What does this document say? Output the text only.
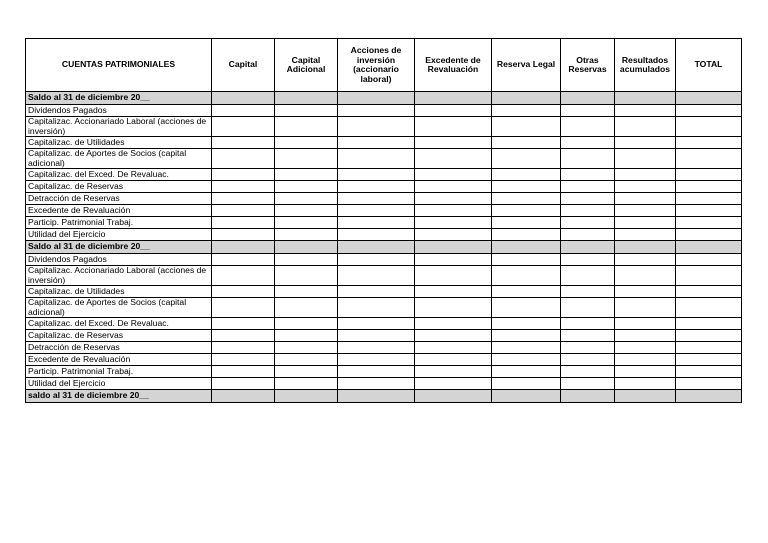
CUENTAS PATRIMONIALES	Capital	Capital Adicional	Acciones de inversión (accionario laboral)	Excedente de Revaluación	Reserva Legal	Otras Reservas	Resultados acumulados	TOTAL
Saldo al 31 de diciembre 20__								
Dividendos Pagados								
Capitalizac. Accionariado Laboral (acciones de inversión)								
Capitalizac. de Utilidades								
Capitalizac. de Aportes de Socios (capital adicional)								
Capitalizac. del Exced. De Revaluac.								
Capitalizac. de Reservas								
Detracción de Reservas								
Excedente de Revaluación								
Particip. Patrimonial Trabaj.								
Utilidad del Ejercicio								
Saldo al 31 de diciembre 20__								
Dividendos Pagados								
Capitalizac. Accionariado Laboral (acciones de inversión)								
Capitalizac. de Utilidades								
Capitalizac. de Aportes de Socios (capital adicional)								
Capitalizac. del Exced. De Revaluac.								
Capitalizac. de Reservas								
Detracción de Reservas								
Excedente de Revaluación								
Particip. Patrimonial Trabaj.								
Utilidad del Ejercicio								
saldo al 31 de diciembre 20__								
